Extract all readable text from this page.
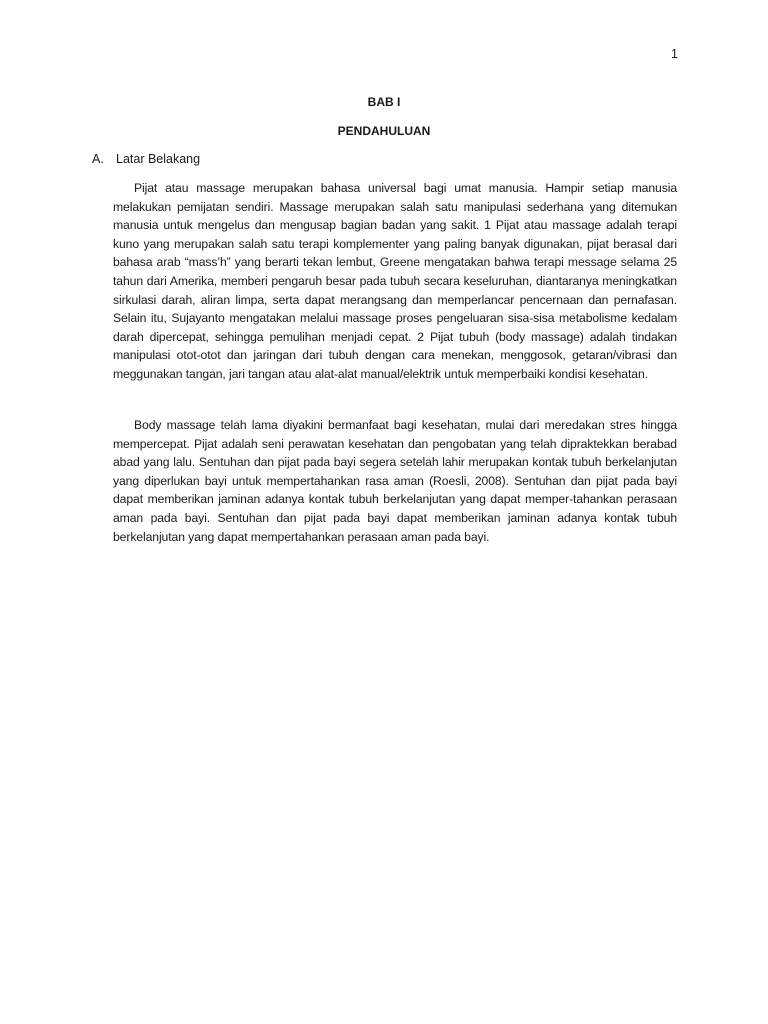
1
BAB I
PENDAHULUAN
A. Latar Belakang

Pijat atau massage merupakan bahasa universal bagi umat manusia. Hampir setiap manusia melakukan pemijatan sendiri. Massage merupakan salah satu manipulasi sederhana yang ditemukan manusia untuk mengelus dan mengusap bagian badan yang sakit. 1 Pijat atau massage adalah terapi kuno yang merupakan salah satu terapi komplementer yang paling banyak digunakan, pijat berasal dari bahasa arab “mass’h” yang berarti tekan lembut, Greene mengatakan bahwa terapi message selama 25 tahun dari Amerika, memberi pengaruh besar pada tubuh secara keseluruhan, diantaranya meningkatkan sirkulasi darah, aliran limpa, serta dapat merangsang dan memperlancar pencernaan dan pernafasan. Selain itu, Sujayanto mengatakan melalui massage proses pengeluaran sisa-sisa metabolisme kedalam darah dipercepat, sehingga pemulihan menjadi cepat. 2 Pijat tubuh (body massage) adalah tindakan manipulasi otot-otot dan jaringan dari tubuh dengan cara menekan, menggosok, getaran/vibrasi dan meggunakan tangan, jari tangan atau alat-alat manual/elektrik untuk memperbaiki kondisi kesehatan.

Body massage telah lama diyakini bermanfaat bagi kesehatan, mulai dari meredakan stres hingga mempercepat. Pijat adalah seni perawatan kesehatan dan pengobatan yang telah dipraktekkan berabad abad yang lalu. Sentuhan dan pijat pada bayi segera setelah lahir merupakan kontak tubuh berkelanjutan yang diperlukan bayi untuk mempertahankan rasa aman (Roesli, 2008). Sentuhan dan pijat pada bayi dapat memberikan jaminan adanya kontak tubuh berkelanjutan yang dapat memper-tahankan perasaan aman pada bayi. Sentuhan dan pijat pada bayi dapat memberikan jaminan adanya kontak tubuh berkelanjutan yang dapat mempertahankan perasaan aman pada bayi.
